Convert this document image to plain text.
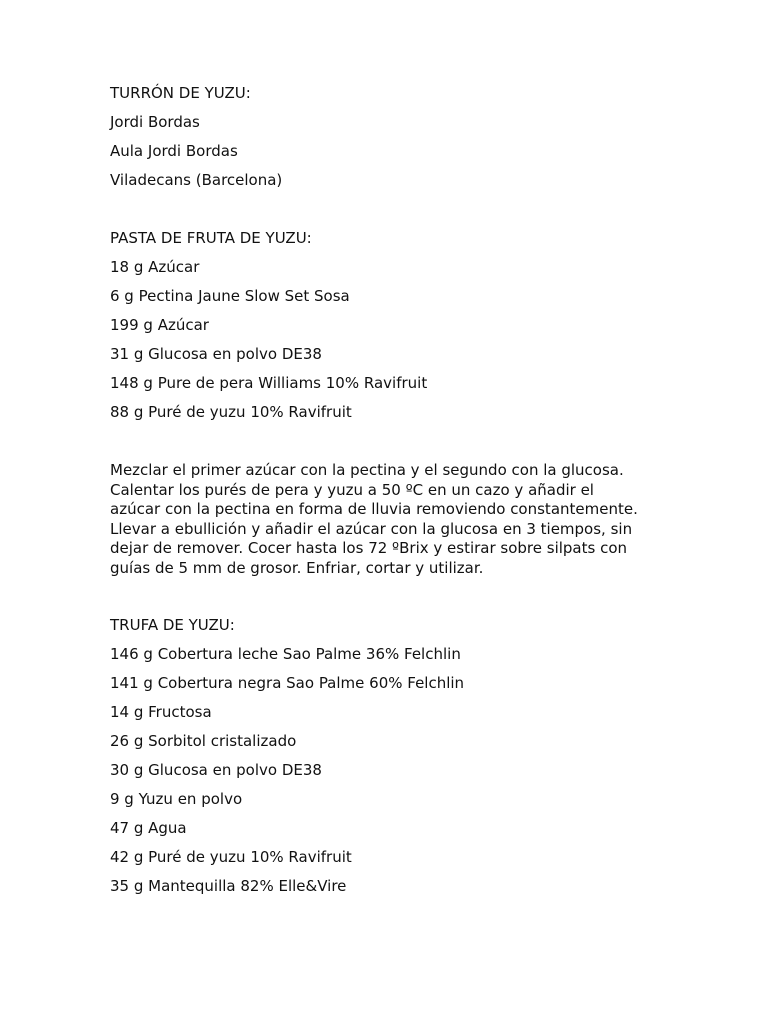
TURRÓN DE YUZU:
Jordi Bordas
Aula Jordi Bordas
Viladecans (Barcelona)
PASTA DE FRUTA DE YUZU:
18 g Azúcar
6 g Pectina Jaune Slow Set Sosa
199 g Azúcar
31 g Glucosa en polvo DE38
148 g Pure de pera Williams 10% Ravifruit
88 g Puré de yuzu 10% Ravifruit
Mezclar el primer azúcar con la pectina y el segundo con la glucosa.
Calentar los purés de pera y yuzu a 50 ºC en un cazo y añadir el
azúcar con la pectina en forma de lluvia removiendo constantemente.
Llevar a ebullición y añadir el azúcar con la glucosa en 3 tiempos, sin
dejar de remover. Cocer hasta los 72 ºBrix y estirar sobre silpats con
guías de 5 mm de grosor. Enfriar, cortar y utilizar.
TRUFA DE YUZU:
146 g Cobertura leche Sao Palme 36% Felchlin
141 g Cobertura negra Sao Palme 60% Felchlin
14 g Fructosa
26 g Sorbitol cristalizado
30 g Glucosa en polvo DE38
9 g Yuzu en polvo
47 g Agua
42 g Puré de yuzu 10% Ravifruit
35 g Mantequilla 82% Elle&Vire
